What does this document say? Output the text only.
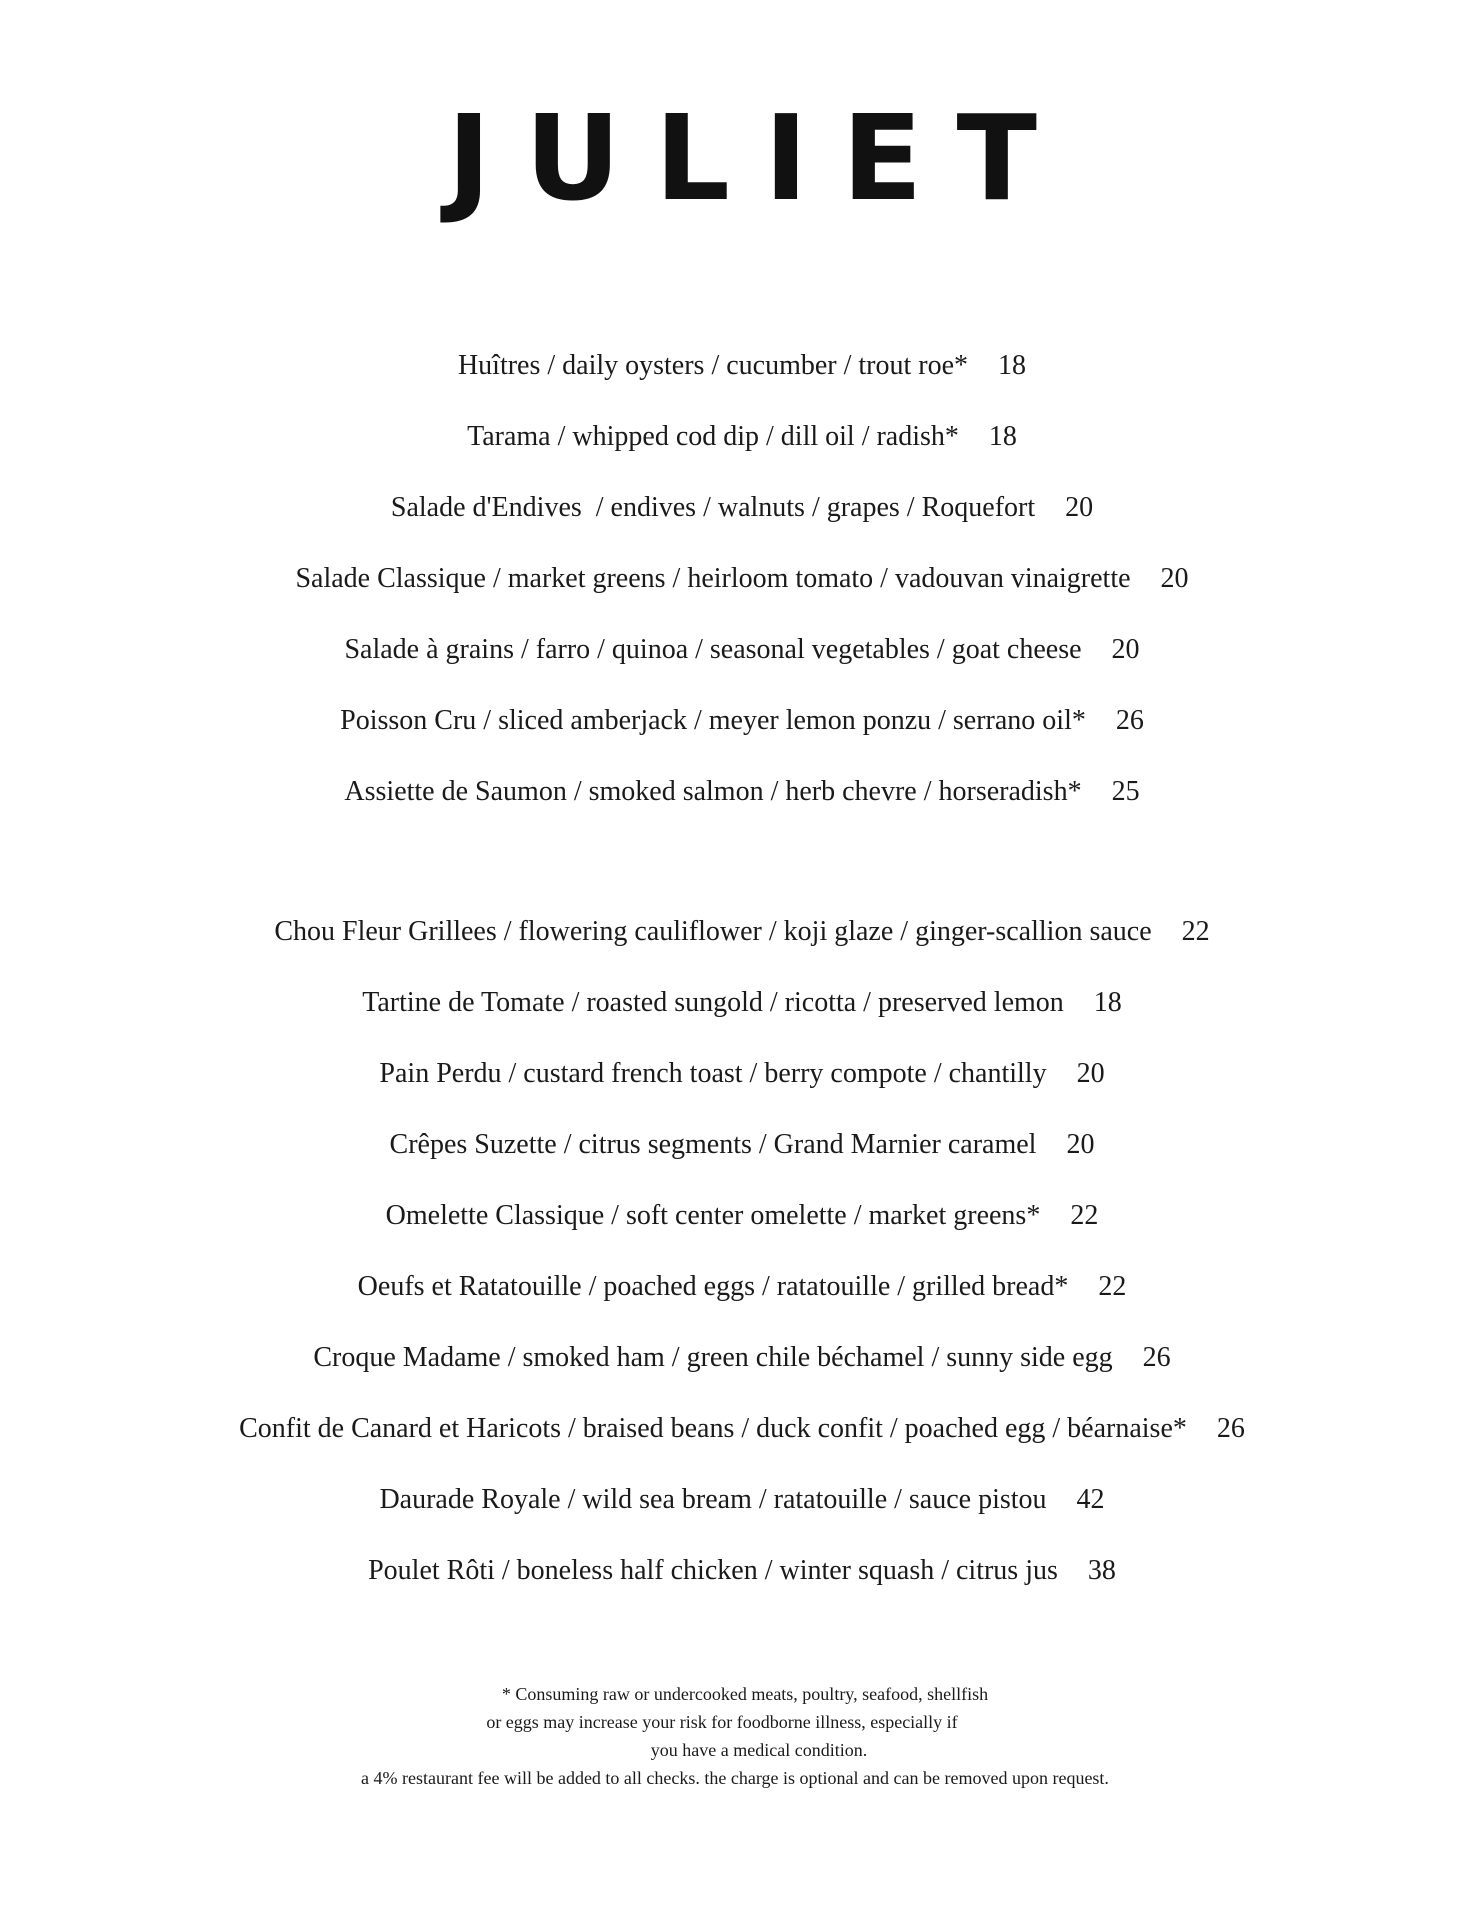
JULIET
Huîtres / daily oysters / cucumber / trout roe* 18
Tarama / whipped cod dip / dill oil / radish* 18
Salade d'Endives  / endives / walnuts / grapes / Roquefort 20
Salade Classique / market greens / heirloom tomato / vadouvan vinaigrette 20
Salade à grains / farro / quinoa / seasonal vegetables / goat cheese 20
Poisson Cru / sliced amberjack / meyer lemon ponzu / serrano oil* 26
Assiette de Saumon / smoked salmon / herb chevre / horseradish* 25
Chou Fleur Grillees / flowering cauliflower / koji glaze / ginger-scallion sauce 22
Tartine de Tomate / roasted sungold / ricotta / preserved lemon 18
Pain Perdu / custard french toast / berry compote / chantilly 20
Crêpes Suzette / citrus segments / Grand Marnier caramel 20
Omelette Classique / soft center omelette / market greens* 22
Oeufs et Ratatouille / poached eggs / ratatouille / grilled bread* 22
Croque Madame / smoked ham / green chile béchamel / sunny side egg 26
Confit de Canard et Haricots / braised beans / duck confit / poached egg / béarnaise* 26
Daurade Royale / wild sea bream / ratatouille / sauce pistou 42
Poulet Rôti / boneless half chicken / winter squash / citrus jus 38
* Consuming raw or undercooked meats, poultry, seafood, shellfish
or eggs may increase your risk for foodborne illness, especially if
you have a medical condition.
a 4% restaurant fee will be added to all checks. the charge is optional and can be removed upon request.
